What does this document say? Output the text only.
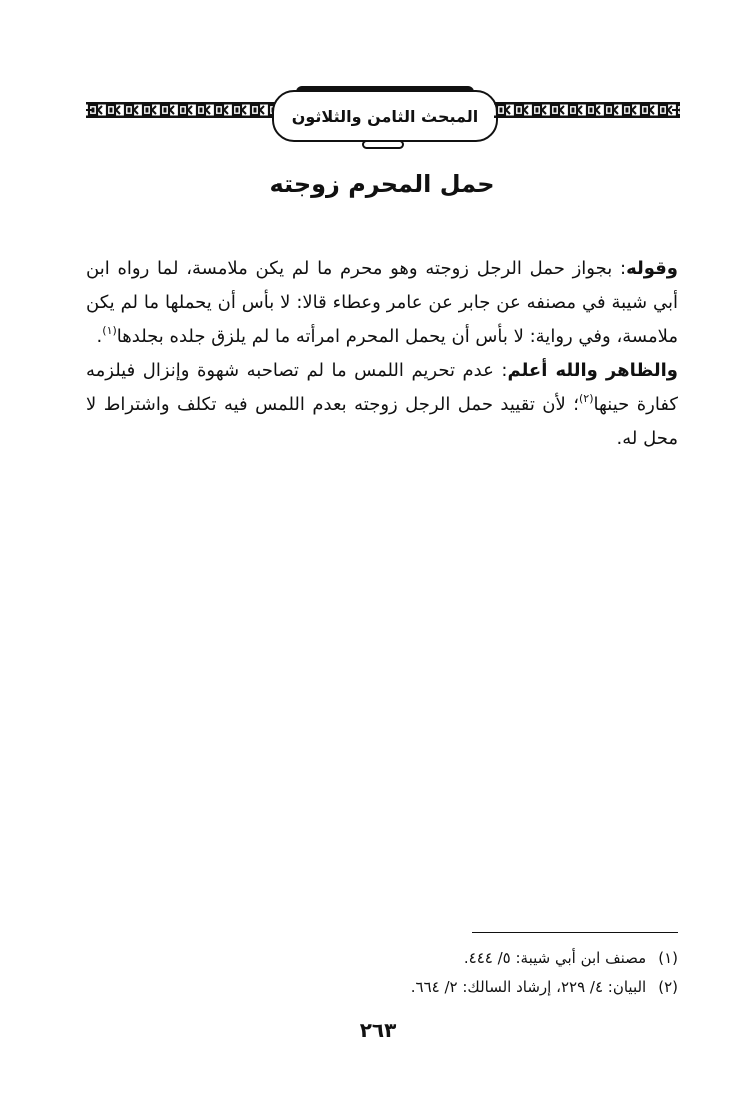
المبحث الثامن والثلاثون
حمل المحرم زوجته

وقوله: بجواز حمل الرجل زوجته وهو محرم ما لم يكن ملامسة، لما رواه ابن أبي شيبة في مصنفه عن جابر عن عامر وعطاء قالا: لا بأس أن يحملها ما لم يكن ملامسة، وفي رواية: لا بأس أن يحمل المحرم امرأته ما لم يلزق جلده بجلدها$^{(١)}$.

والظاهر والله أعلم: عدم تحريم اللمس ما لم تصاحبه شهوة وإنزال فيلزمه كفارة حينها$^{(٢)}$؛ لأن تقييد حمل الرجل زوجته بعدم اللمس فيه تكلف واشتراط لا محل له.

(١)مصنف ابن أبي شيبة: ٥/ ٤٤٤.
(٢)البيان: ٤/ ٢٢٩، إرشاد السالك: ٢/ ٦٦٤.
٢٦٣
